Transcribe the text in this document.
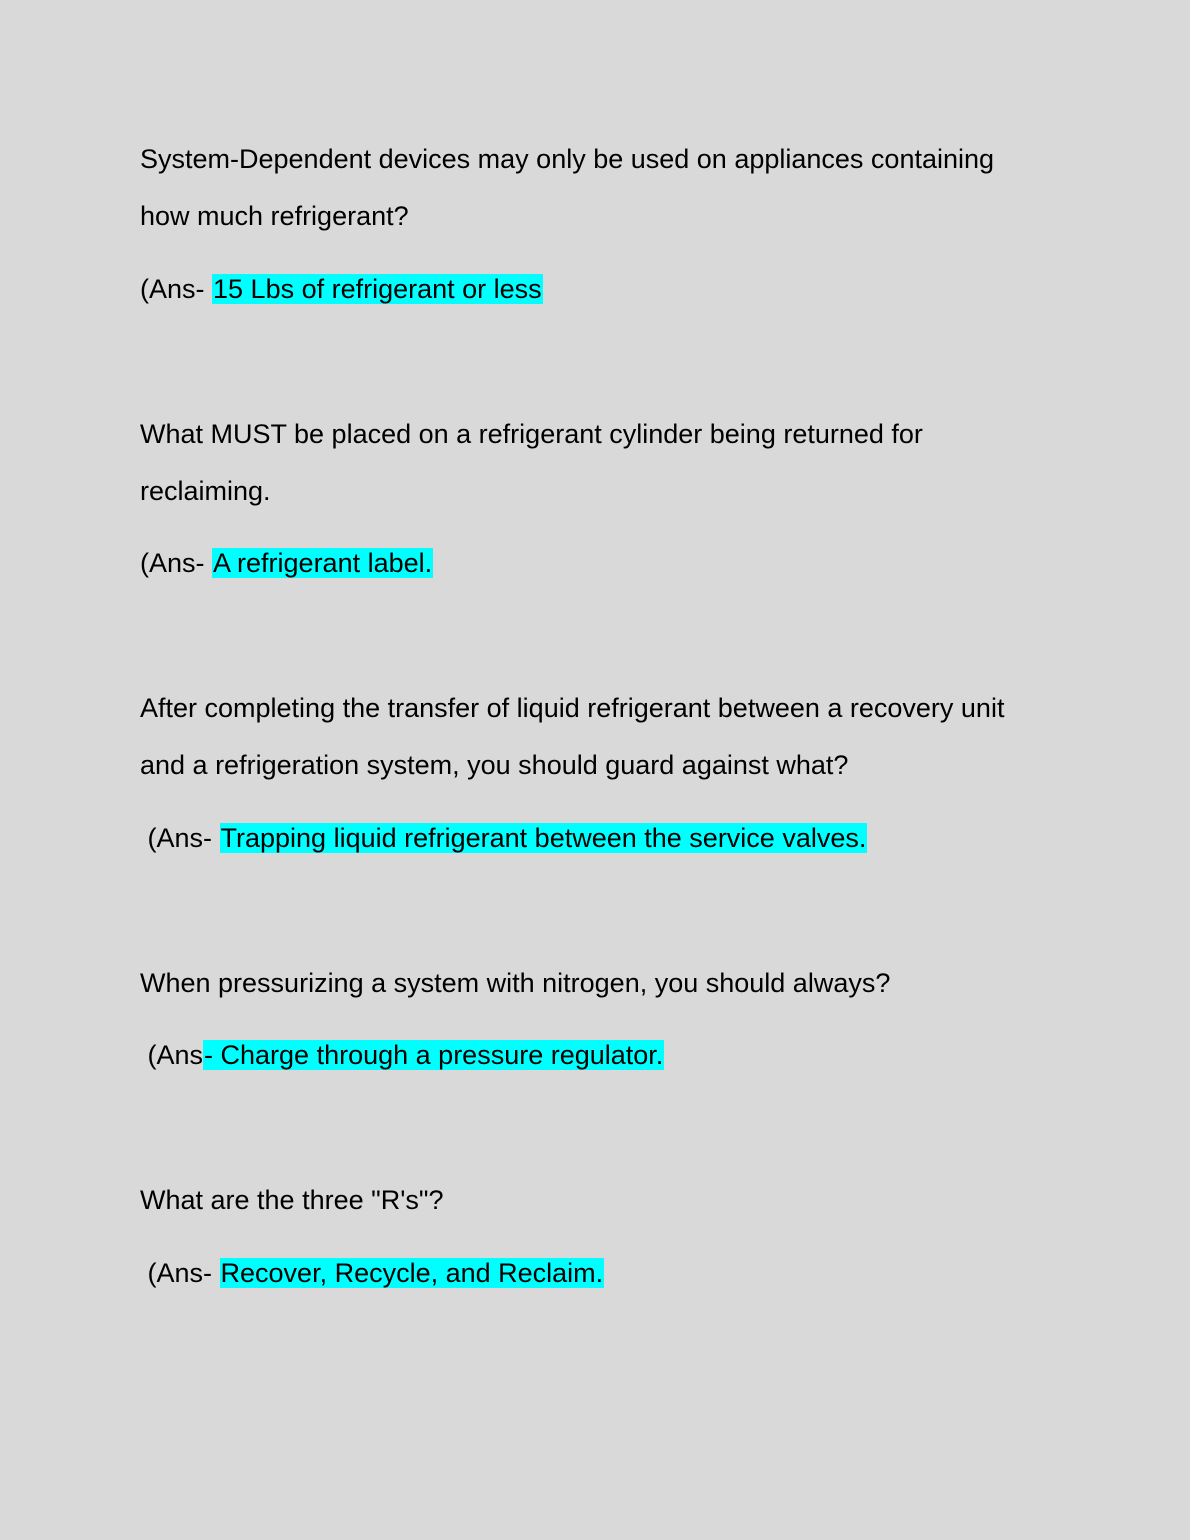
System-Dependent devices may only be used on appliances containing how much refrigerant?

(Ans- 15 Lbs of refrigerant or less

What MUST be placed on a refrigerant cylinder being returned for reclaiming.

(Ans- A refrigerant label.

After completing the transfer of liquid refrigerant between a recovery unit and a refrigeration system, you should guard against what?

(Ans- Trapping liquid refrigerant between the service valves.

When pressurizing a system with nitrogen, you should always?

(Ans- Charge through a pressure regulator.

What are the three "R's"?

(Ans- Recover, Recycle, and Reclaim.
